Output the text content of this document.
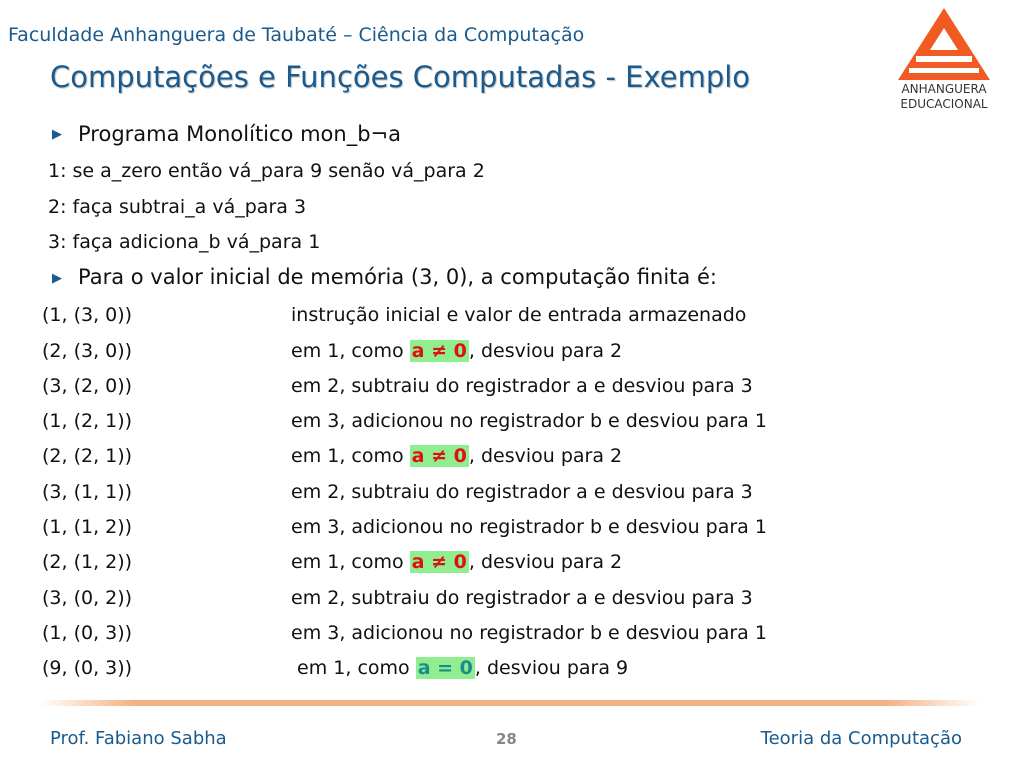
Faculdade Anhanguera de Taubaté – Ciência da Computação
Computações e Funções Computadas - Exemplo	ANHANGUERA
EDUCACIONAL
▶ Programa Monolítico mon_b¬a
1: se a_zero então vá_para 9 senão vá_para 2
2: faça subtrai_a vá_para 3
3: faça adiciona_b vá_para 1
▶ Para o valor inicial de memória (3, 0), a computação finita é:
(1, (3, 0))	instrução inicial e valor de entrada armazenado
(2, (3, 0))	em 1, como a ≠ 0 , desviou para 2
(3, (2, 0))	em 2, subtraiu do registrador a e desviou para 3
(1, (2, 1))	em 3, adicionou no registrador b e desviou para 1
(2, (2, 1))	em 1, como a ≠ 0 , desviou para 2
(3, (1, 1))	em 2, subtraiu do registrador a e desviou para 3
(1, (1, 2))	em 3, adicionou no registrador b e desviou para 1
(2, (1, 2))	em 1, como a ≠ 0 , desviou para 2
(3, (0, 2))	em 2, subtraiu do registrador a e desviou para 3
(1, (0, 3))	em 3, adicionou no registrador b e desviou para 1
(9, (0, 3))	em 1, como a = 0 , desviou para 9
Prof. Fabiano Sabha	28	Teoria da Computação
